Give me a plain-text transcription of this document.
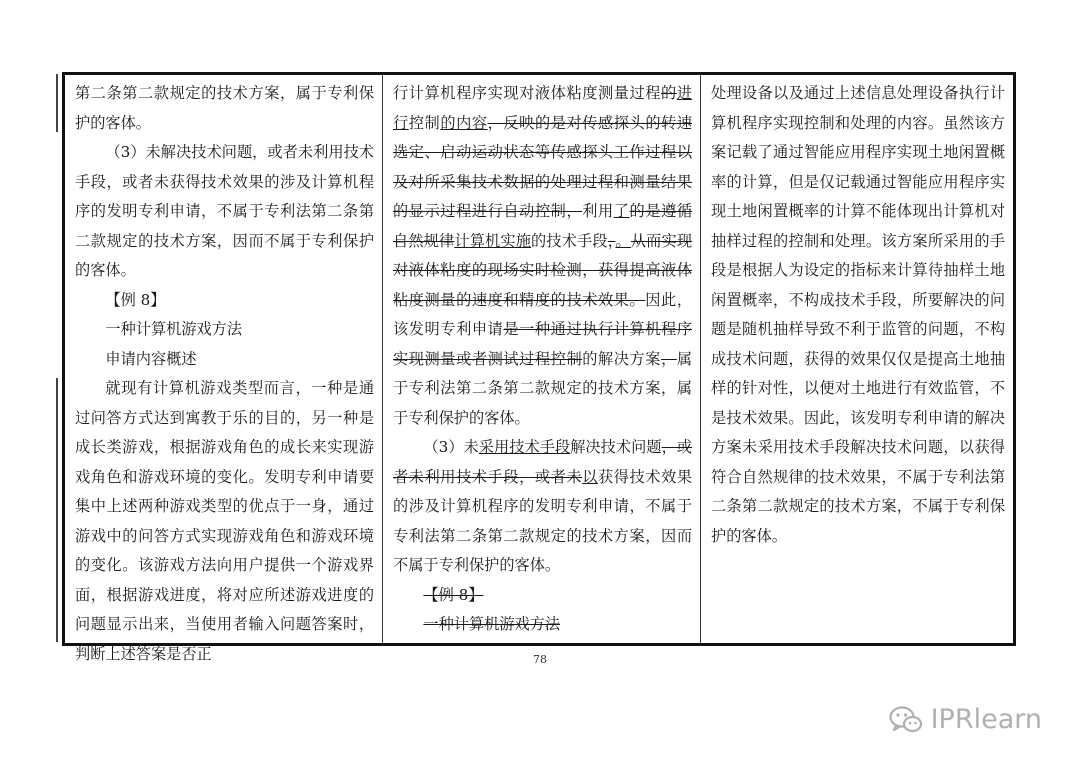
第二条第二款规定的技术方案，属于专利保护的客体。

（3）未解决技术问题，或者未利用技术手段，或者未获得技术效果的涉及计算机程序的发明专利申请，不属于专利法第二条第二款规定的技术方案，因而不属于专利保护的客体。

【例 8】

一种计算机游戏方法

申请内容概述

就现有计算机游戏类型而言，一种是通过问答方式达到寓教于乐的目的，另一种是成长类游戏，根据游戏角色的成长来实现游戏角色和游戏环境的变化。发明专利申请要集中上述两种游戏类型的优点于一身，通过游戏中的问答方式实现游戏角色和游戏环境的变化。该游戏方法向用户提供一个游戏界面，根据游戏进度，将对应所述游戏进度的问题显示出来，当使用者输入问题答案时，判断上述答案是否正

行计算机程序实现对液体粘度测量过程的进行控制的内容，反映的是对传感探头的转速选定、启动运动状态等传感探头工作过程以及对所采集技术数据的处理过程和测量结果的显示过程进行自动控制，利用了的是遵循自然规律计算机实施的技术手段，。从而实现对液体粘度的现场实时检测，获得提高液体粘度测量的速度和精度的技术效果。因此，该发明专利申请是一种通过执行计算机程序实现测量或者测试过程控制的解决方案，属于专利法第二条第二款规定的技术方案，属于专利保护的客体。

（3）未采用技术手段解决技术问题，或者未利用技术手段，或者未以获得技术效果的涉及计算机程序的发明专利申请，不属于专利法第二条第二款规定的技术方案，因而不属于专利保护的客体。

【例 8】

一种计算机游戏方法

处理设备以及通过上述信息处理设备执行计算机程序实现控制和处理的内容。虽然该方案记载了通过智能应用程序实现土地闲置概率的计算，但是仅记载通过智能应用程序实现土地闲置概率的计算不能体现出计算机对抽样过程的控制和处理。该方案所采用的手段是根据人为设定的指标来计算待抽样土地闲置概率，不构成技术手段，所要解决的问题是随机抽样导致不利于监管的问题，不构成技术问题，获得的效果仅仅是提高土地抽样的针对性，以便对土地进行有效监管，不是技术效果。因此，该发明专利申请的解决方案未采用技术手段解决技术问题，以获得符合自然规律的技术效果，不属于专利法第二条第二款规定的技术方案，不属于专利保护的客体。

78
IPRlearn
